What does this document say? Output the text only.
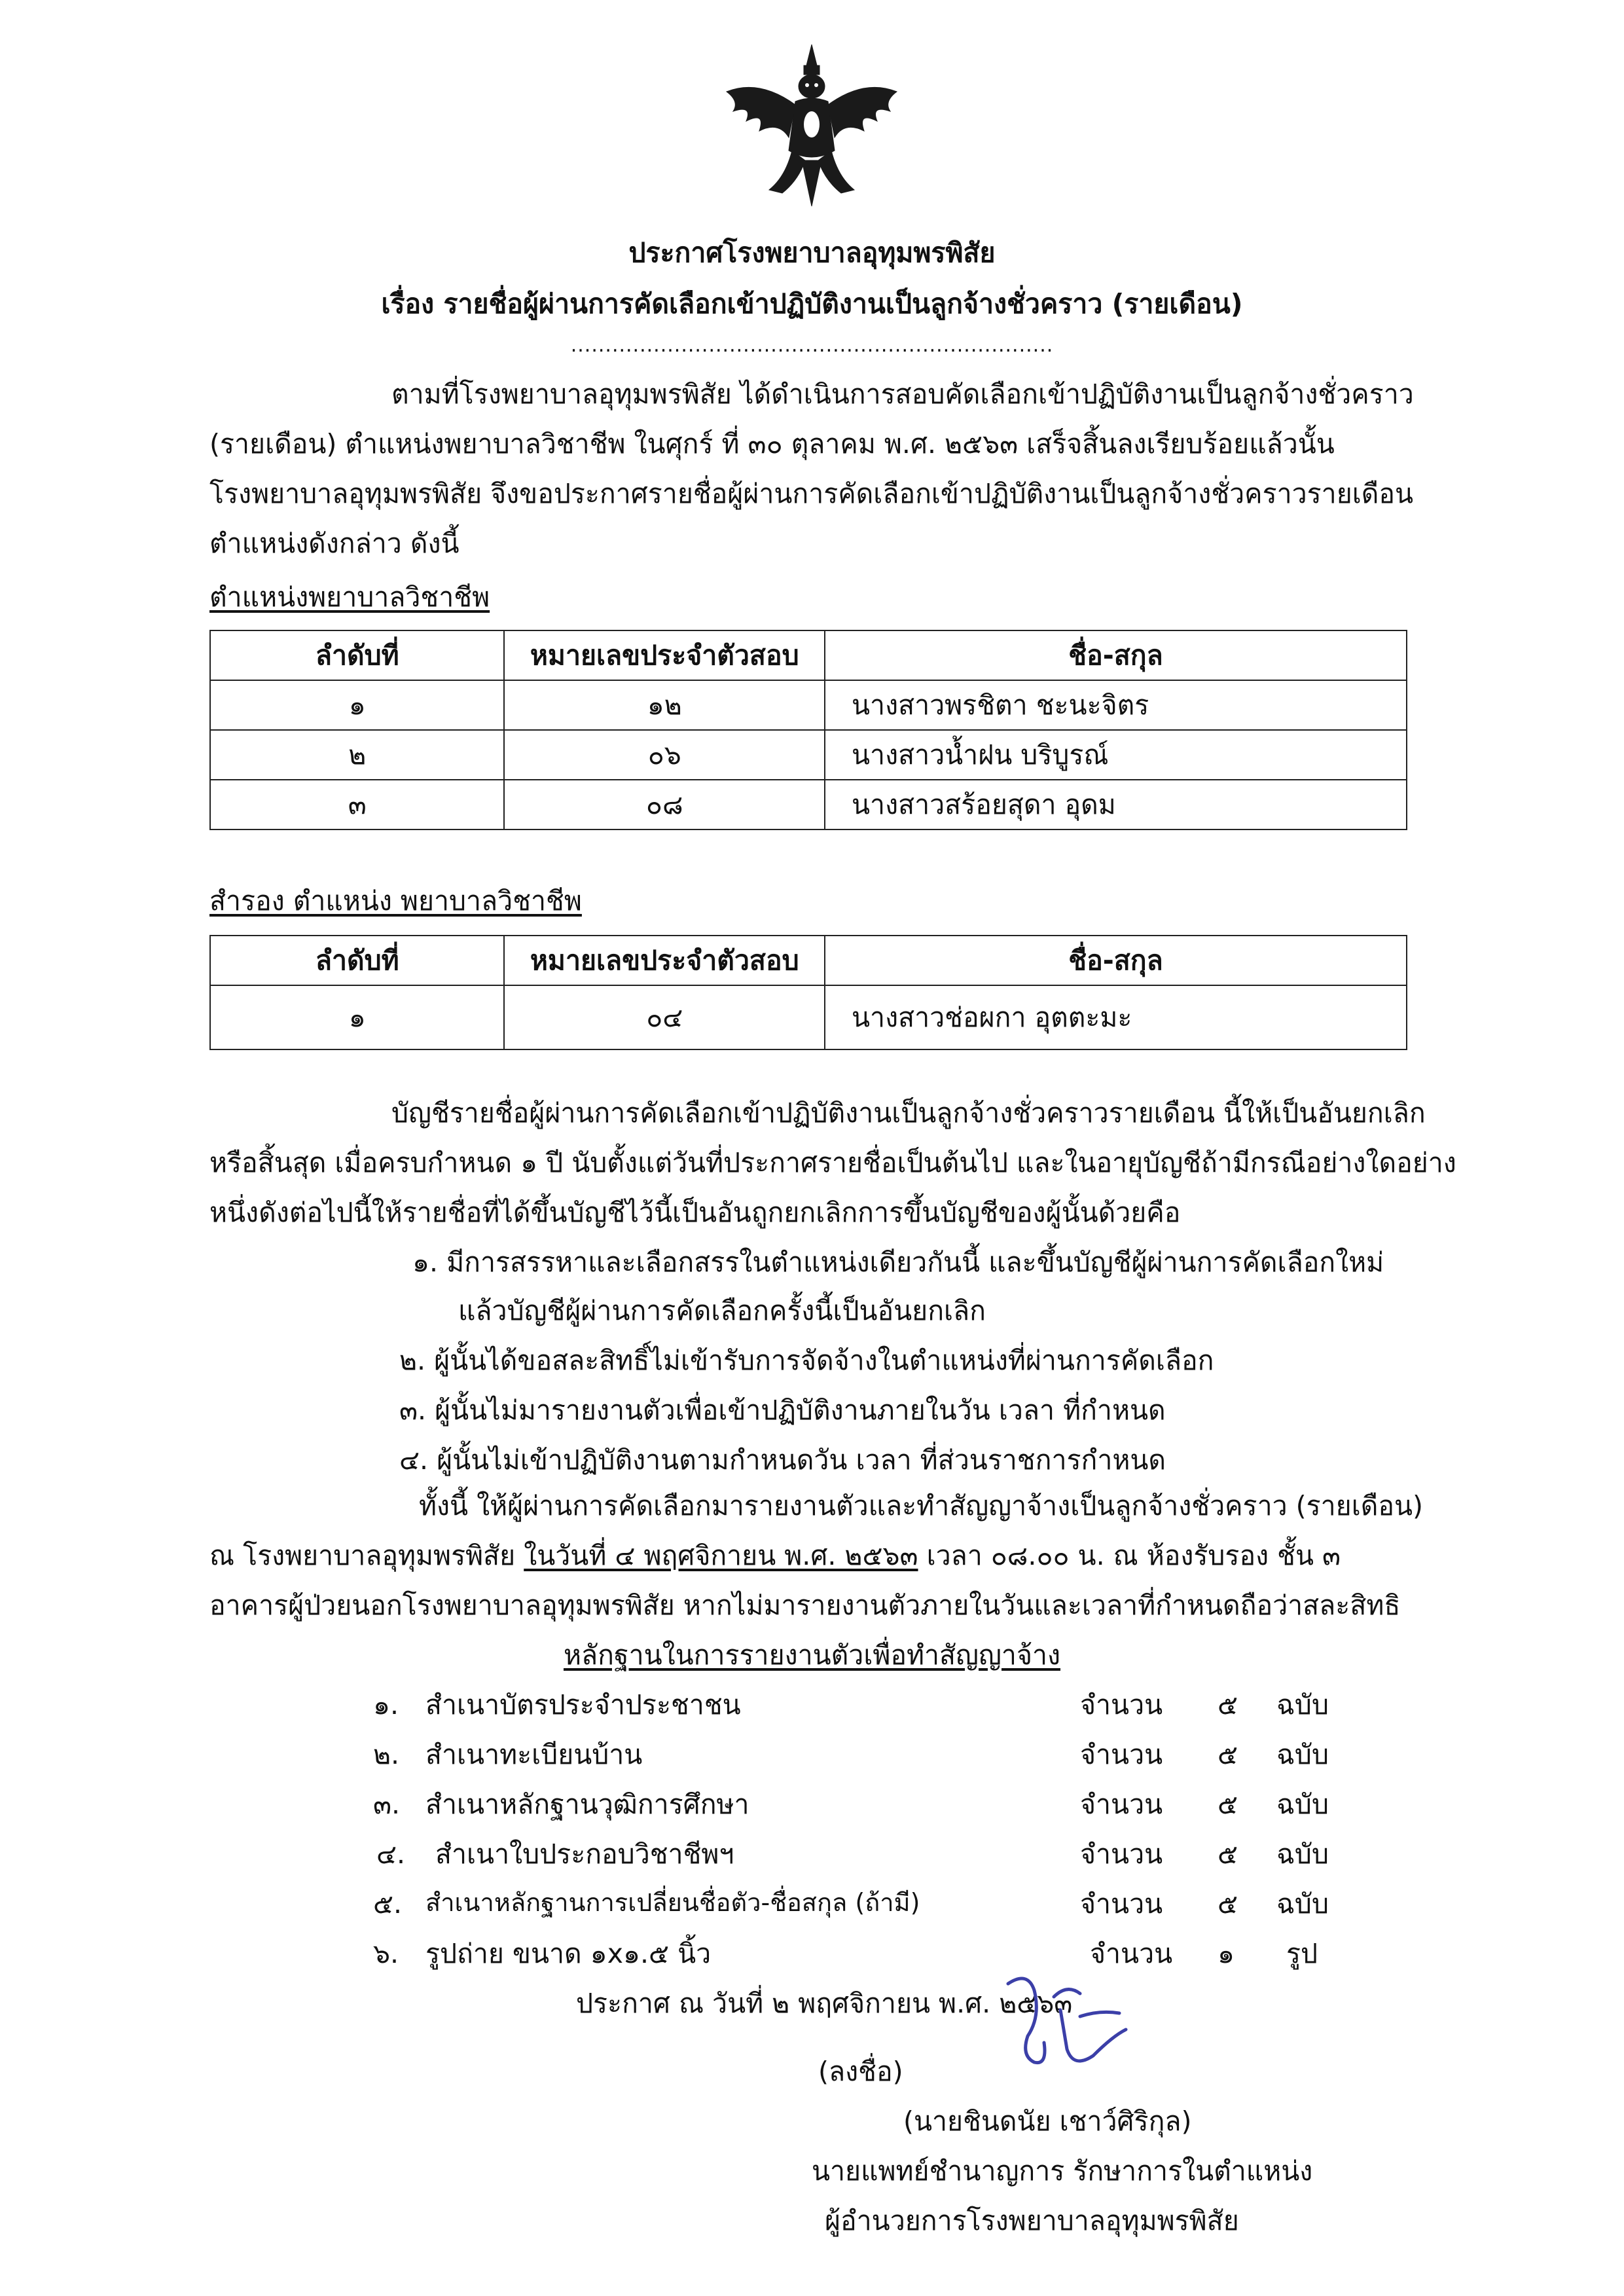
ประกาศโรงพยาบาลอุทุมพรพิสัย
เรื่อง รายชื่อผู้ผ่านการคัดเลือกเข้าปฏิบัติงานเป็นลูกจ้างชั่วคราว (รายเดือน)
......................................................................
ตามที่โรงพยาบาลอุทุมพรพิสัย ได้ดำเนินการสอบคัดเลือกเข้าปฏิบัติงานเป็นลูกจ้างชั่วคราว
(รายเดือน) ตำแหน่งพยาบาลวิชาชีพ ในศุกร์ ที่ ๓๐ ตุลาคม พ.ศ. ๒๕๖๓ เสร็จสิ้นลงเรียบร้อยแล้วนั้น
โรงพยาบาลอุทุมพรพิสัย จึงขอประกาศรายชื่อผู้ผ่านการคัดเลือกเข้าปฏิบัติงานเป็นลูกจ้างชั่วคราวรายเดือน
ตำแหน่งดังกล่าว ดังนี้
ตำแหน่งพยาบาลวิชาชีพ
ลำดับที่	หมายเลขประจำตัวสอบ	ชื่อ-สกุล
๑	๑๒	นางสาวพรชิตา ชะนะจิตร
๒	๐๖	นางสาวน้ำฝน บริบูรณ์
๓	๐๘	นางสาวสร้อยสุดา อุดม
สำรอง ตำแหน่ง พยาบาลวิชาชีพ
ลำดับที่	หมายเลขประจำตัวสอบ	ชื่อ-สกุล
๑	๐๔	นางสาวช่อผกา อุตตะมะ
บัญชีรายชื่อผู้ผ่านการคัดเลือกเข้าปฏิบัติงานเป็นลูกจ้างชั่วคราวรายเดือน นี้ให้เป็นอันยกเลิก
หรือสิ้นสุด เมื่อครบกำหนด ๑ ปี นับตั้งแต่วันที่ประกาศรายชื่อเป็นต้นไป และในอายุบัญชีถ้ามีกรณีอย่างใดอย่าง
หนึ่งดังต่อไปนี้ให้รายชื่อที่ได้ขึ้นบัญชีไว้นี้เป็นอันถูกยกเลิกการขึ้นบัญชีของผู้นั้นด้วยคือ
๑. มีการสรรหาและเลือกสรรในตำแหน่งเดียวกันนี้ และขึ้นบัญชีผู้ผ่านการคัดเลือกใหม่
แล้วบัญชีผู้ผ่านการคัดเลือกครั้งนี้เป็นอันยกเลิก
๒. ผู้นั้นได้ขอสละสิทธิ์ไม่เข้ารับการจัดจ้างในตำแหน่งที่ผ่านการคัดเลือก
๓. ผู้นั้นไม่มารายงานตัวเพื่อเข้าปฏิบัติงานภายในวัน เวลา ที่กำหนด
๔. ผู้นั้นไม่เข้าปฏิบัติงานตามกำหนดวัน เวลา ที่ส่วนราชการกำหนด
ทั้งนี้ ให้ผู้ผ่านการคัดเลือกมารายงานตัวและทำสัญญาจ้างเป็นลูกจ้างชั่วคราว (รายเดือน)
ณ โรงพยาบาลอุทุมพรพิสัย ในวันที่ ๔ พฤศจิกายน พ.ศ. ๒๕๖๓ เวลา ๐๘.๐๐ น. ณ ห้องรับรอง ชั้น ๓
อาคารผู้ป่วยนอกโรงพยาบาลอุทุมพรพิสัย หากไม่มารายงานตัวภายในวันและเวลาที่กำหนดถือว่าสละสิทธิ
หลักฐานในการรายงานตัวเพื่อทำสัญญาจ้าง
๑. สำเนาบัตรประจำประชาชน	จำนวน ๕ ฉบับ
๒. สำเนาทะเบียนบ้าน	จำนวน ๕ ฉบับ
๓. สำเนาหลักฐานวุฒิการศึกษา	จำนวน ๕ ฉบับ
๔. สำเนาใบประกอบวิชาชีพฯ	จำนวน ๕ ฉบับ
๕. สำเนาหลักฐานการเปลี่ยนชื่อตัว-ชื่อสกุล (ถ้ามี)	จำนวน ๕ ฉบับ
๖. รูปถ่าย ขนาด ๑x๑.๕ นิ้ว	จำนวน ๑ รูป
ประกาศ ณ วันที่ ๒ พฤศจิกายน พ.ศ. ๒๕๖๓
(ลงชื่อ)
(นายชินดนัย เชาว์ศิริกุล)
นายแพทย์ชำนาญการ รักษาการในตำแหน่ง
ผู้อำนวยการโรงพยาบาลอุทุมพรพิสัย
